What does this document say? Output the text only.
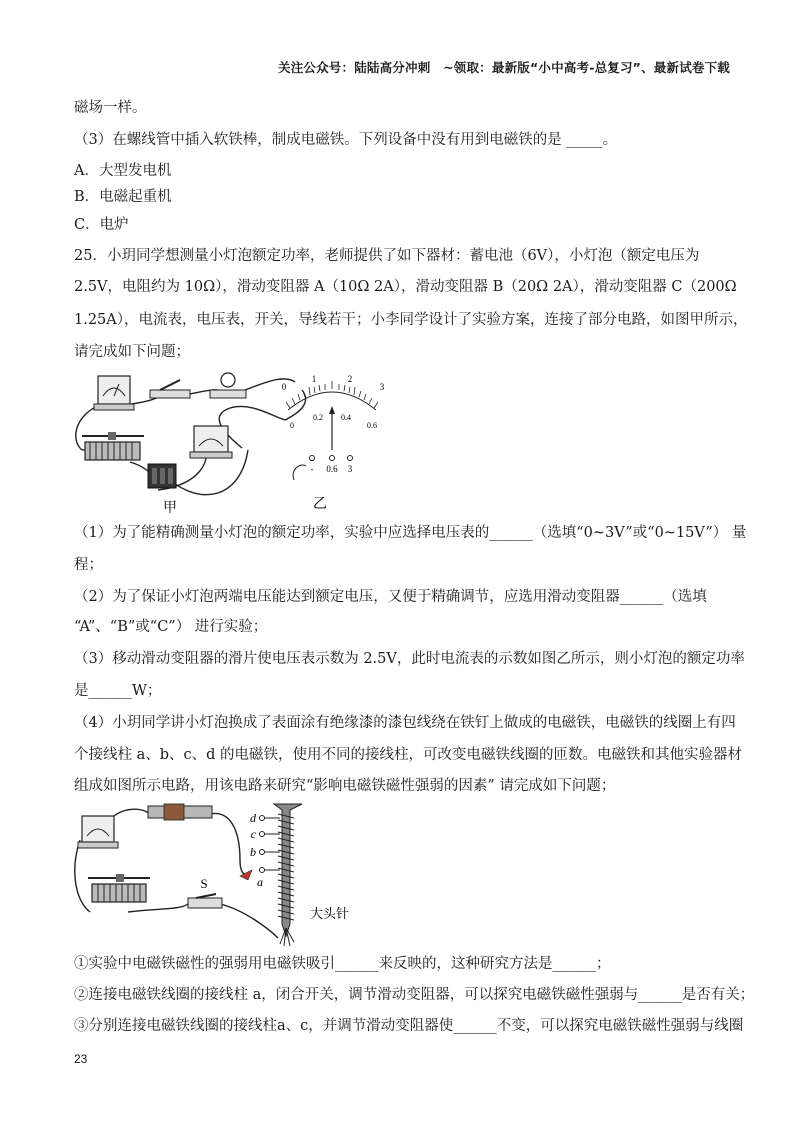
关注公众号：陆陆高分冲刺　~领取：最新版“小中高考-总复习”、最新试卷下载
磁场一样。
（3）在螺线管中插入软铁棒，制成电磁铁。下列设备中没有用到电磁铁的是 _____。
A．大型发电机
B．电磁起重机
C．电炉
25．小玥同学想测量小灯泡额定功率，老师提供了如下器材：蓄电池（6V），小灯泡（额定电压为
2.5V，电阻约为 10Ω），滑动变阻器 A（10Ω 2A），滑动变阻器 B（20Ω 2A），滑动变阻器 C（200Ω
1.25A），电流表，电压表，开关，导线若干；小李同学设计了实验方案，连接了部分电路，如图甲所示，
请完成如下问题；
甲
0
1	2
3
0
0.2 0.4
0.6
- 0.6 3
乙
（1）为了能精确测量小灯泡的额定功率，实验中应选择电压表的______（选填“0~3V”或“0~15V”） 量
程；
（2）为了保证小灯泡两端电压能达到额定电压，又便于精确调节，应选用滑动变阻器______（选填
“A”、“B”或“C”） 进行实验；
（3）移动滑动变阻器的滑片使电压表示数为 2.5V，此时电流表的示数如图乙所示，则小灯泡的额定功率
是______W；
（4）小玥同学讲小灯泡换成了表面涂有绝缘漆的漆包线绕在铁钉上做成的电磁铁，电磁铁的线圈上有四
个接线柱 a、b、c、d 的电磁铁，使用不同的接线柱，可改变电磁铁线圈的匝数。电磁铁和其他实验器材
组成如图所示电路，用该电路来研究“影响电磁铁磁性强弱的因素” 请完成如下问题；
S
d
c
b
a
大头针
①实验中电磁铁磁性的强弱用电磁铁吸引______来反映的，这种研究方法是______；
②连接电磁铁线圈的接线柱 a，闭合开关，调节滑动变阻器，可以探究电磁铁磁性强弱与______是否有关；
③分别连接电磁铁线圈的接线柱a、c，并调节滑动变阻器使______不变，可以探究电磁铁磁性强弱与线圈
23
